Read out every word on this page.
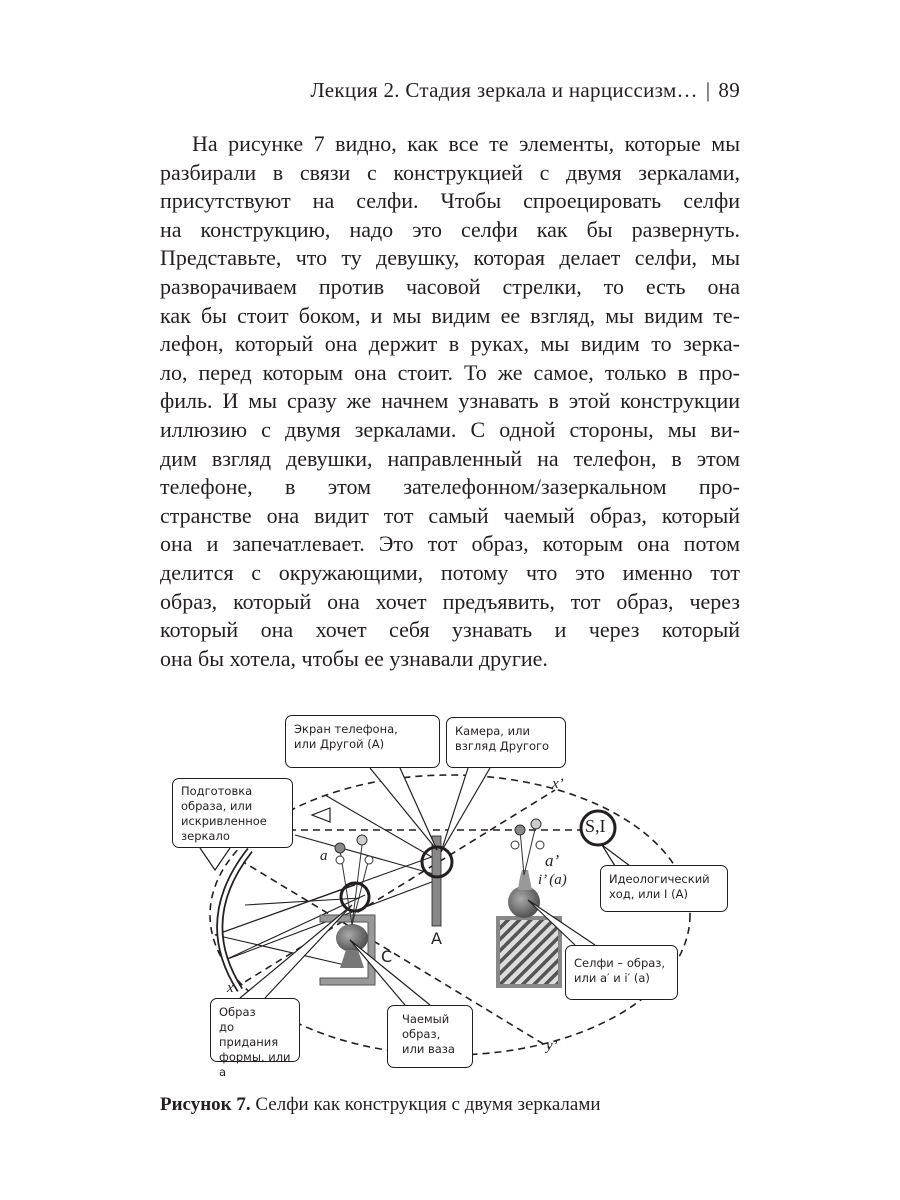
Лекция 2. Стадия зеркала и нарциссизм… | 89
На рисунке 7 видно, как все те элементы, которые мы
разбирали в связи с конструкцией с двумя зеркалами,
присутствуют на селфи. Чтобы спроецировать селфи
на конструкцию, надо это селфи как бы развернуть.
Представьте, что ту девушку, которая делает селфи, мы
разворачиваем против часовой стрелки, то есть она
как бы стоит боком, и мы видим ее взгляд, мы видим те-
лефон, который она держит в руках, мы видим то зерка-
ло, перед которым она стоит. То же самое, только в про-
филь. И мы сразу же начнем узнавать в этой конструкции
иллюзию с двумя зеркалами. С одной стороны, мы ви-
дим взгляд девушки, направленный на телефон, в этом
телефоне, в этом зателефонном/зазеркальном про-
странстве она видит тот самый чаемый образ, который
она и запечатлевает. Это тот образ, которым она потом
делится с окружающими, потому что это именно тот
образ, который она хочет предъявить, тот образ, через
который она хочет себя узнавать и через который
она бы хотела, чтобы ее узнавали другие.
Экран телефона,
или Другой (А)
Камера, или
взгляд Другого
Подготовка
образа, или
искривленное
зеркало
Идеологический
ход, или I (А)
Селфи – образ,
или a′ и i′ (a)
Образ
до придания
формы, или a
Чаемый
образ,
или ваза
a	a’
i’ (a)
x’
x
y’
A
C
S,I
Рисунок 7. Селфи как конструкция с двумя зеркалами
